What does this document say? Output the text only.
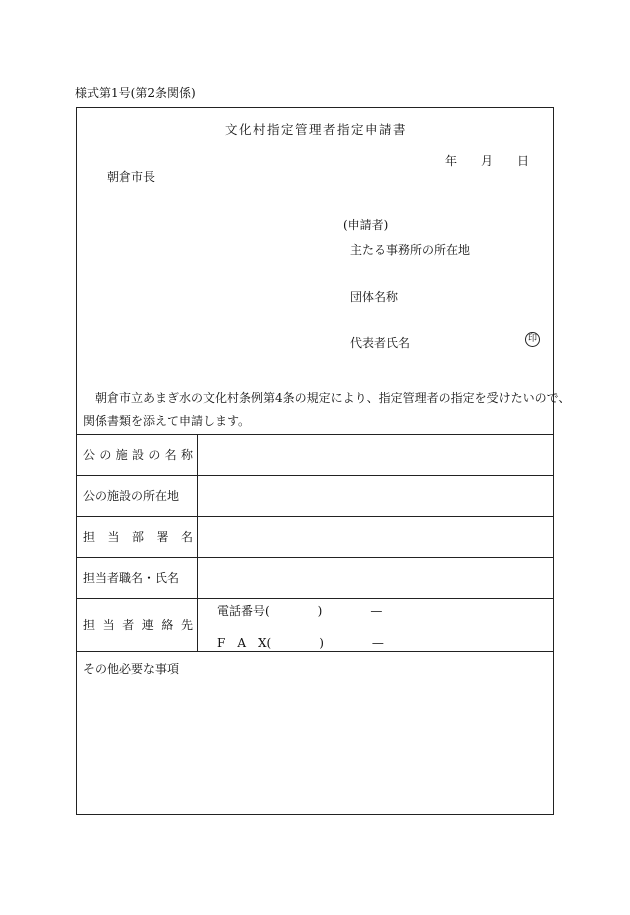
様式第1号(第2条関係)
文化村指定管理者指定申請書
年 月 日
朝倉市長
(申請者)
主たる事務所の所在地
団体名称
代表者氏名	印
朝倉市立あまぎ水の文化村条例第4条の規定により、指定管理者の指定を受けたいので、
関係書類を添えて申請します。
公 の 施 設 の 名 称
公の施設の所在地
担 当 部 署 名
担当者職名・氏名
担 当 者 連 絡 先
電話番号(　　　　)　　　　—
F　A　X(　　　　)　　　　—
その他必要な事項
